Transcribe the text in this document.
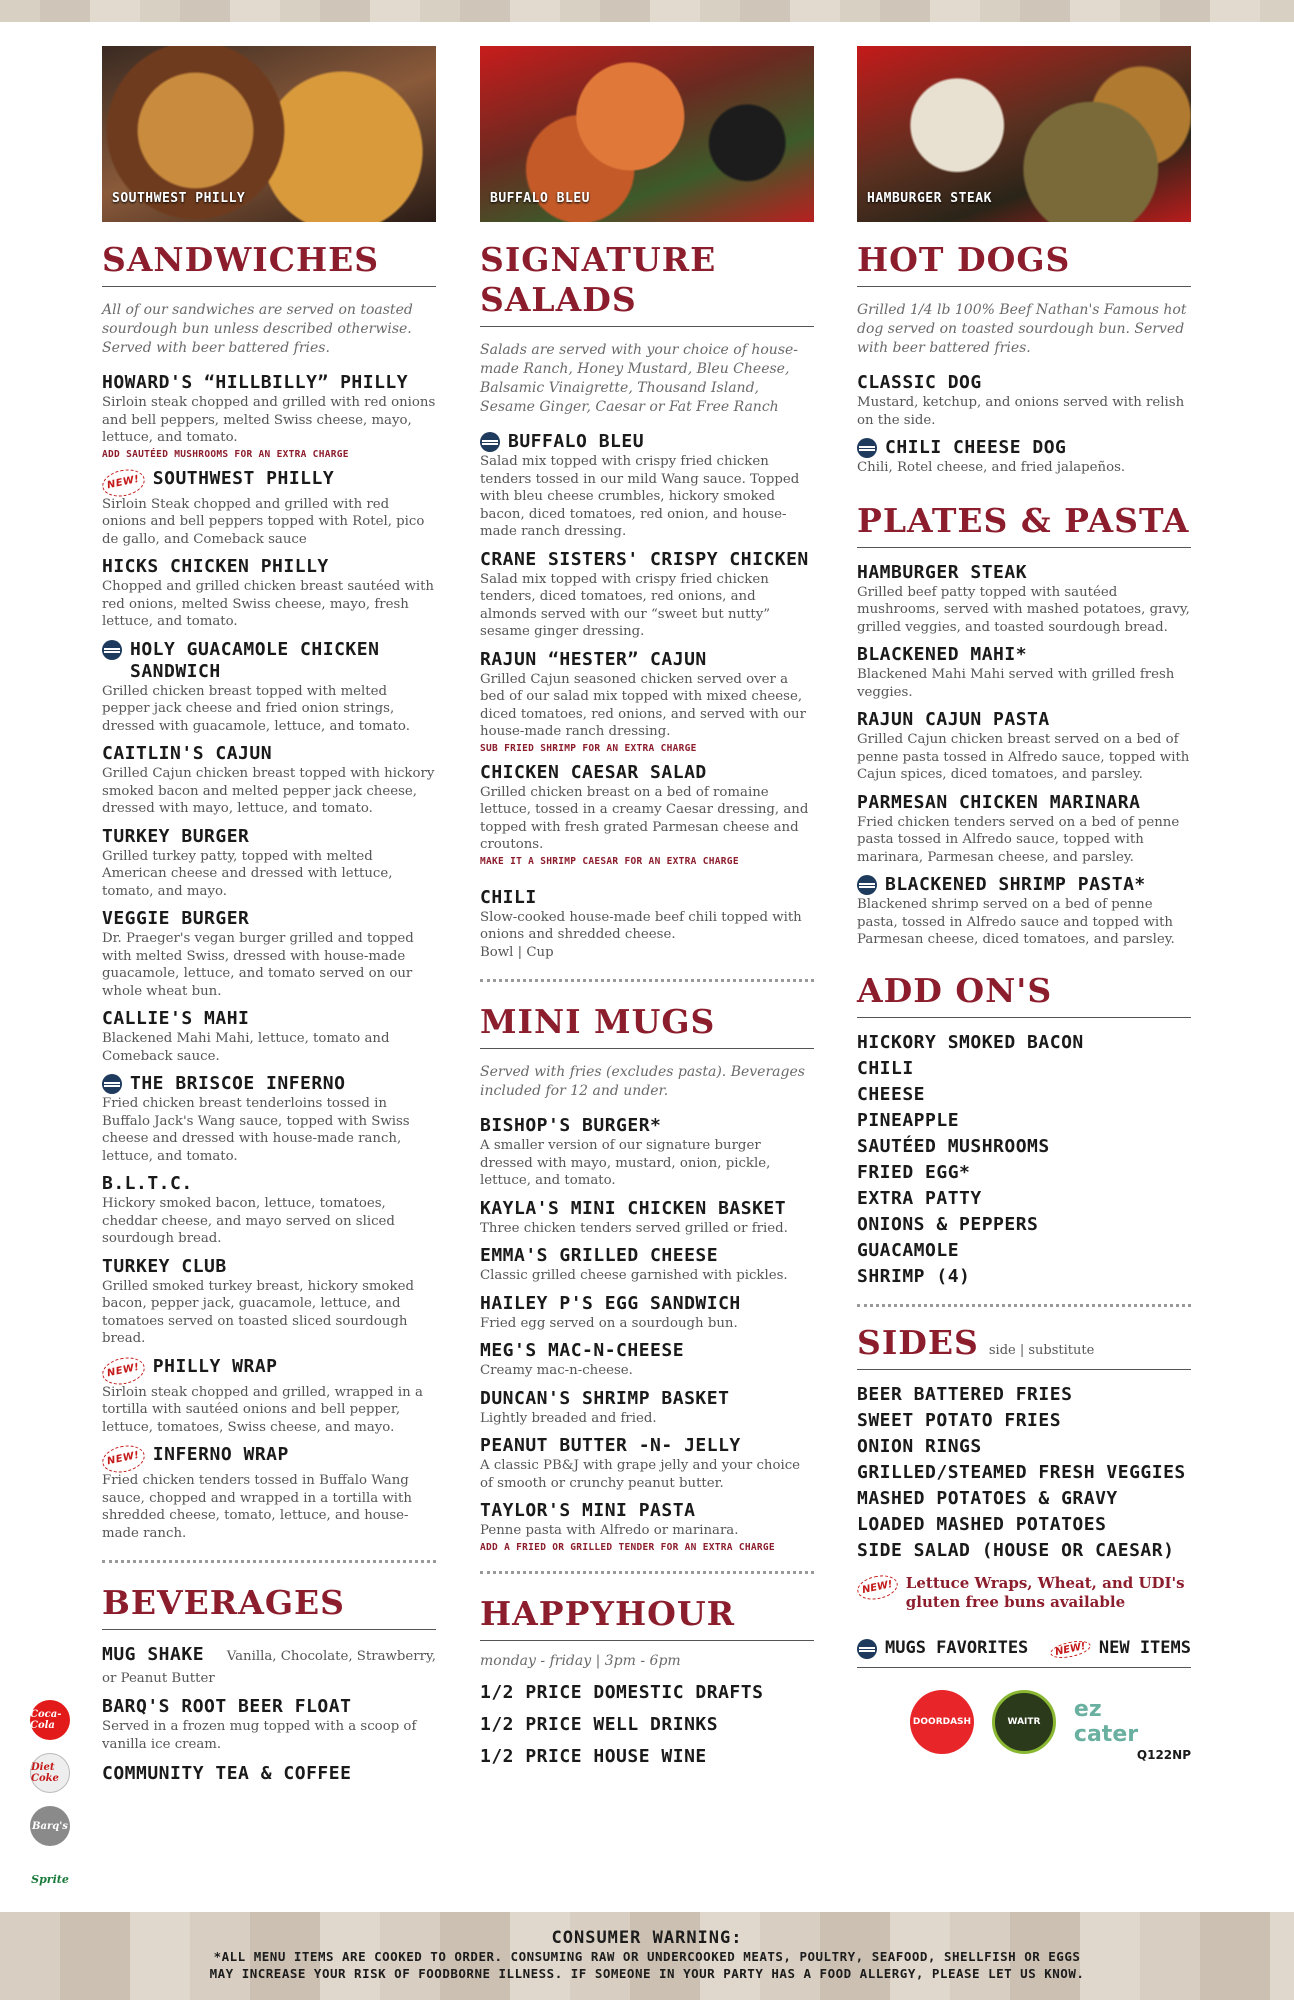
SOUTHWEST PHILLY
SANDWICHES
All of our sandwiches are served on toasted sourdough bun unless described otherwise. Served with beer battered fries.
HOWARD'S “HILLBILLY” PHILLY
Sirloin steak chopped and grilled with red onions and bell peppers, melted Swiss cheese, mayo, lettuce, and tomato.
ADD SAUTÉED MUSHROOMS FOR AN EXTRA CHARGE
NEW! SOUTHWEST PHILLY
Sirloin Steak chopped and grilled with red onions and bell peppers topped with Rotel, pico de gallo, and Comeback sauce
HICKS CHICKEN PHILLY
Chopped and grilled chicken breast sautéed with red onions, melted Swiss cheese, mayo, fresh lettuce, and tomato.
HOLY GUACAMOLE CHICKEN SANDWICH
Grilled chicken breast topped with melted pepper jack cheese and fried onion strings, dressed with guacamole, lettuce, and tomato.
CAITLIN'S CAJUN
Grilled Cajun chicken breast topped with hickory smoked bacon and melted pepper jack cheese, dressed with mayo, lettuce, and tomato.
TURKEY BURGER
Grilled turkey patty, topped with melted American cheese and dressed with lettuce, tomato, and mayo.
VEGGIE BURGER
Dr. Praeger's vegan burger grilled and topped with melted Swiss, dressed with house-made guacamole, lettuce, and tomato served on our whole wheat bun.
CALLIE'S MAHI
Blackened Mahi Mahi, lettuce, tomato and Comeback sauce.
THE BRISCOE INFERNO
Fried chicken breast tenderloins tossed in Buffalo Jack's Wang sauce, topped with Swiss cheese and dressed with house-made ranch, lettuce, and tomato.
B.L.T.C.
Hickory smoked bacon, lettuce, tomatoes, cheddar cheese, and mayo served on sliced sourdough bread.
TURKEY CLUB
Grilled smoked turkey breast, hickory smoked bacon, pepper jack, guacamole, lettuce, and tomatoes served on toasted sliced sourdough bread.
NEW! PHILLY WRAP
Sirloin steak chopped and grilled, wrapped in a tortilla with sautéed onions and bell pepper, lettuce, tomatoes, Swiss cheese, and mayo.
NEW! INFERNO WRAP
Fried chicken tenders tossed in Buffalo Wang sauce, chopped and wrapped in a tortilla with shredded cheese, tomato, lettuce, and house-made ranch.
BEVERAGES
MUG SHAKE Vanilla, Chocolate, Strawberry, or Peanut Butter
BARQ'S ROOT BEER FLOAT
Served in a frozen mug topped with a scoop of vanilla ice cream.
COMMUNITY TEA & COFFEE
Coca-Cola
Diet Coke
Barq's
Sprite
BUFFALO BLEU
SIGNATURE SALADS
Salads are served with your choice of house-made Ranch, Honey Mustard, Bleu Cheese, Balsamic Vinaigrette, Thousand Island, Sesame Ginger, Caesar or Fat Free Ranch
BUFFALO BLEU
Salad mix topped with crispy fried chicken tenders tossed in our mild Wang sauce. Topped with bleu cheese crumbles, hickory smoked bacon, diced tomatoes, red onion, and house-made ranch dressing.
CRANE SISTERS' CRISPY CHICKEN
Salad mix topped with crispy fried chicken tenders, diced tomatoes, red onions, and almonds served with our “sweet but nutty” sesame ginger dressing.
RAJUN “HESTER” CAJUN
Grilled Cajun seasoned chicken served over a bed of our salad mix topped with mixed cheese, diced tomatoes, red onions, and served with our house-made ranch dressing.
SUB FRIED SHRIMP FOR AN EXTRA CHARGE
CHICKEN CAESAR SALAD
Grilled chicken breast on a bed of romaine lettuce, tossed in a creamy Caesar dressing, and topped with fresh grated Parmesan cheese and croutons.
MAKE IT A SHRIMP CAESAR FOR AN EXTRA CHARGE
CHILI
Slow-cooked house-made beef chili topped with onions and shredded cheese.
Bowl | Cup
MINI MUGS
Served with fries (excludes pasta). Beverages included for 12 and under.
BISHOP'S BURGER*
A smaller version of our signature burger dressed with mayo, mustard, onion, pickle, lettuce, and tomato.
KAYLA'S MINI CHICKEN BASKET
Three chicken tenders served grilled or fried.
EMMA'S GRILLED CHEESE
Classic grilled cheese garnished with pickles.
HAILEY P'S EGG SANDWICH
Fried egg served on a sourdough bun.
MEG'S MAC-N-CHEESE
Creamy mac-n-cheese.
DUNCAN'S SHRIMP BASKET
Lightly breaded and fried.
PEANUT BUTTER -N- JELLY
A classic PB&J with grape jelly and your choice of smooth or crunchy peanut butter.
TAYLOR'S MINI PASTA
Penne pasta with Alfredo or marinara.
ADD A FRIED OR GRILLED TENDER FOR AN EXTRA CHARGE
HAPPYHOUR
monday - friday | 3pm - 6pm
1/2 PRICE DOMESTIC DRAFTS
1/2 PRICE WELL DRINKS
1/2 PRICE HOUSE WINE
HAMBURGER STEAK
HOT DOGS
Grilled 1/4 lb 100% Beef Nathan's Famous hot dog served on toasted sourdough bun. Served with beer battered fries.
CLASSIC DOG
Mustard, ketchup, and onions served with relish on the side.
CHILI CHEESE DOG
Chili, Rotel cheese, and fried jalapeños.
PLATES & PASTA
HAMBURGER STEAK
Grilled beef patty topped with sautéed mushrooms, served with mashed potatoes, gravy, grilled veggies, and toasted sourdough bread.
BLACKENED MAHI*
Blackened Mahi Mahi served with grilled fresh veggies.
RAJUN CAJUN PASTA
Grilled Cajun chicken breast served on a bed of penne pasta tossed in Alfredo sauce, topped with Cajun spices, diced tomatoes, and parsley.
PARMESAN CHICKEN MARINARA
Fried chicken tenders served on a bed of penne pasta tossed in Alfredo sauce, topped with marinara, Parmesan cheese, and parsley.
BLACKENED SHRIMP PASTA*
Blackened shrimp served on a bed of penne pasta, tossed in Alfredo sauce and topped with Parmesan cheese, diced tomatoes, and parsley.
ADD ON'S
HICKORY SMOKED BACON
CHILI
CHEESE
PINEAPPLE
SAUTÉED MUSHROOMS
FRIED EGG*
EXTRA PATTY
ONIONS & PEPPERS
GUACAMOLE
SHRIMP (4)
SIDES side | substitute
BEER BATTERED FRIES
SWEET POTATO FRIES
ONION RINGS
GRILLED/STEAMED FRESH VEGGIES
MASHED POTATOES & GRAVY
LOADED MASHED POTATOES
SIDE SALAD (HOUSE OR CAESAR)
NEW! Lettuce Wraps, Wheat, and UDI's gluten free buns available
MUGS FAVORITES	NEW! NEW ITEMS
DOORDASH	WAITR	ez cater
Q122NP
CONSUMER WARNING:
*ALL MENU ITEMS ARE COOKED TO ORDER. CONSUMING RAW OR UNDERCOOKED MEATS, POULTRY, SEAFOOD, SHELLFISH OR EGGS
MAY INCREASE YOUR RISK OF FOODBORNE ILLNESS. IF SOMEONE IN YOUR PARTY HAS A FOOD ALLERGY, PLEASE LET US KNOW.
